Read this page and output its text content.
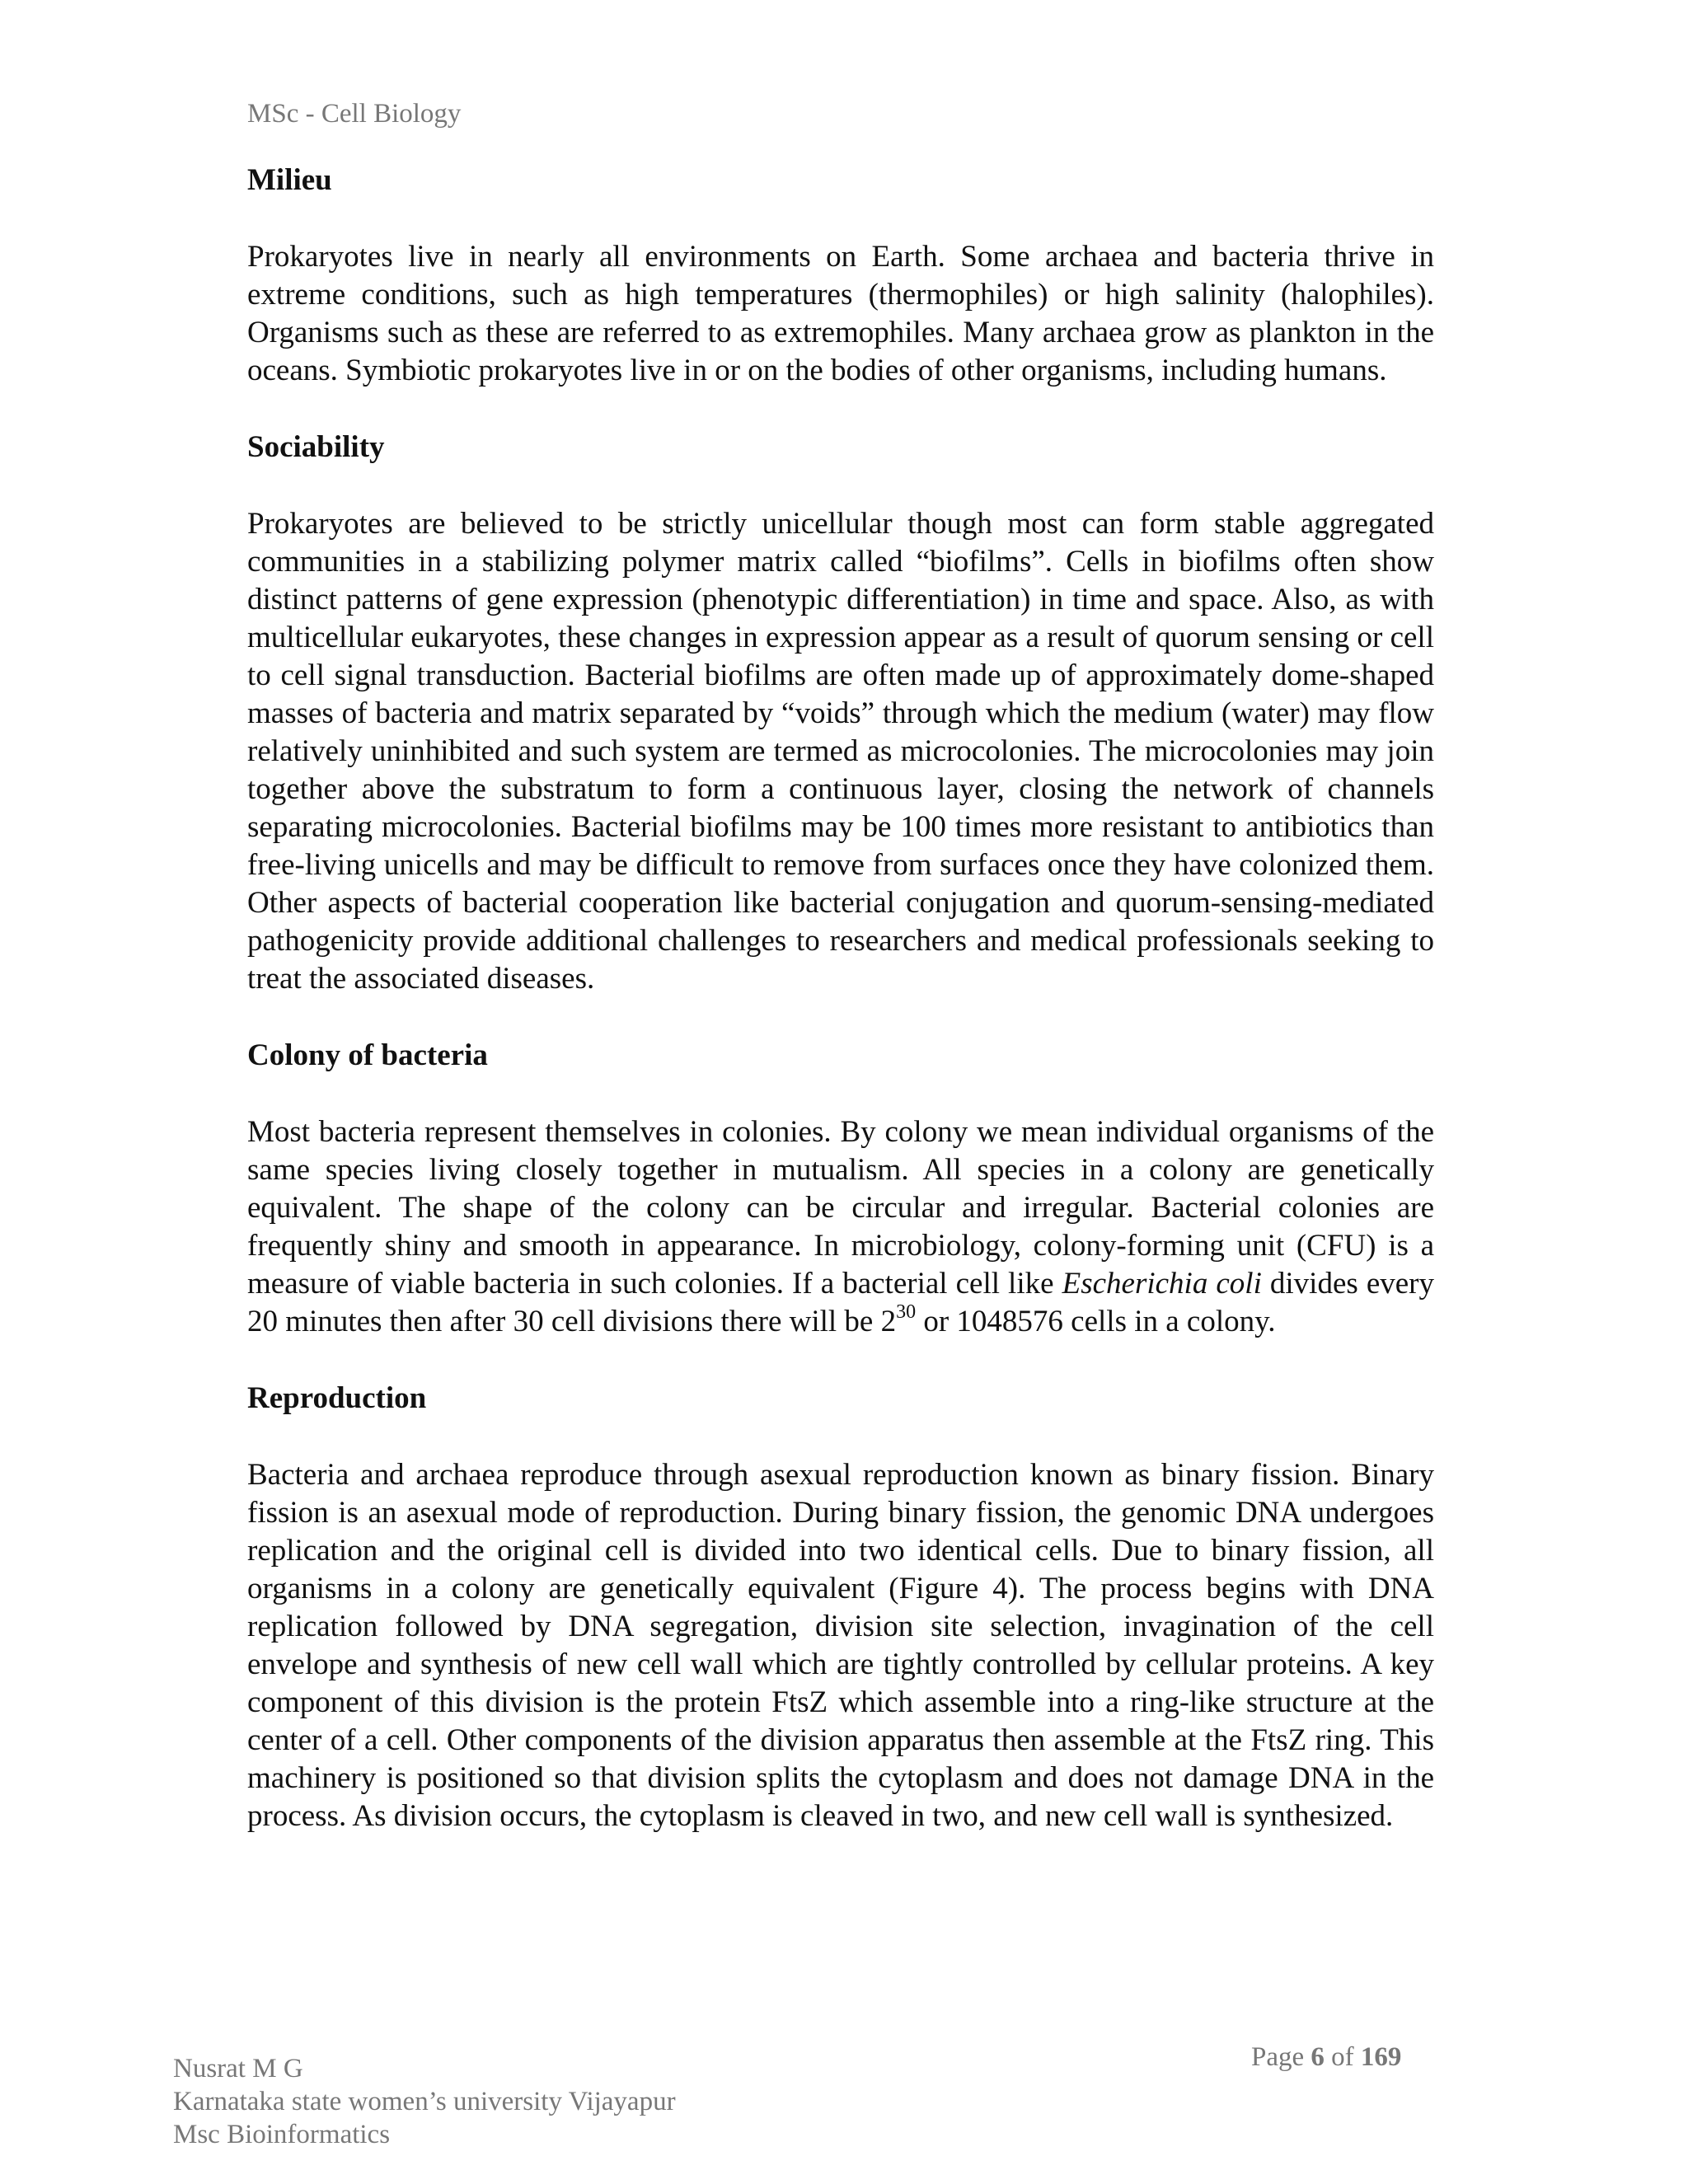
MSc - Cell Biology
Milieu

Prokaryotes live in nearly all environments on Earth. Some archaea and bacteria thrive in extreme conditions, such as high temperatures (thermophiles) or high salinity (halophiles). Organisms such as these are referred to as extremophiles. Many archaea grow as plankton in the oceans. Symbiotic prokaryotes live in or on the bodies of other organisms, including humans.

Sociability

Prokaryotes are believed to be strictly unicellular though most can form stable aggregated communities in a stabilizing polymer matrix called “biofilms”. Cells in biofilms often show distinct patterns of gene expression (phenotypic differentiation) in time and space. Also, as with multicellular eukaryotes, these changes in expression appear as a result of quorum sensing or cell to cell signal transduction. Bacterial biofilms are often made up of approximately dome-shaped masses of bacteria and matrix separated by “voids” through which the medium (water) may flow relatively uninhibited and such system are termed as microcolonies. The microcolonies may join together above the substratum to form a continuous layer, closing the network of channels separating microcolonies. Bacterial biofilms may be 100 times more resistant to antibiotics than free-living unicells and may be difficult to remove from surfaces once they have colonized them. Other aspects of bacterial cooperation like bacterial conjugation and quorum-sensing-mediated pathogenicity provide additional challenges to researchers and medical professionals seeking to treat the associated diseases.

Colony of bacteria

Most bacteria represent themselves in colonies. By colony we mean individual organisms of the same species living closely together in mutualism. All species in a colony are genetically equivalent. The shape of the colony can be circular and irregular. Bacterial colonies are frequently shiny and smooth in appearance. In microbiology, colony-forming unit (CFU) is a measure of viable bacteria in such colonies. If a bacterial cell like Escherichia coli divides every 20 minutes then after 30 cell divisions there will be $2^{30}$ or 1048576 cells in a colony.

Reproduction

Bacteria and archaea reproduce through asexual reproduction known as binary fission. Binary fission is an asexual mode of reproduction. During binary fission, the genomic DNA undergoes replication and the original cell is divided into two identical cells. Due to binary fission, all organisms in a colony are genetically equivalent (Figure 4). The process begins with DNA replication followed by DNA segregation, division site selection, invagination of the cell envelope and synthesis of new cell wall which are tightly controlled by cellular proteins. A key component of this division is the protein FtsZ which assemble into a ring-like structure at the center of a cell. Other components of the division apparatus then assemble at the FtsZ ring. This machinery is positioned so that division splits the cytoplasm and does not damage DNA in the process. As division occurs, the cytoplasm is cleaved in two, and new cell wall is synthesized.

Nusrat M G
Karnataka state women’s university Vijayapur
Msc Bioinformatics
Page 6 of 169
